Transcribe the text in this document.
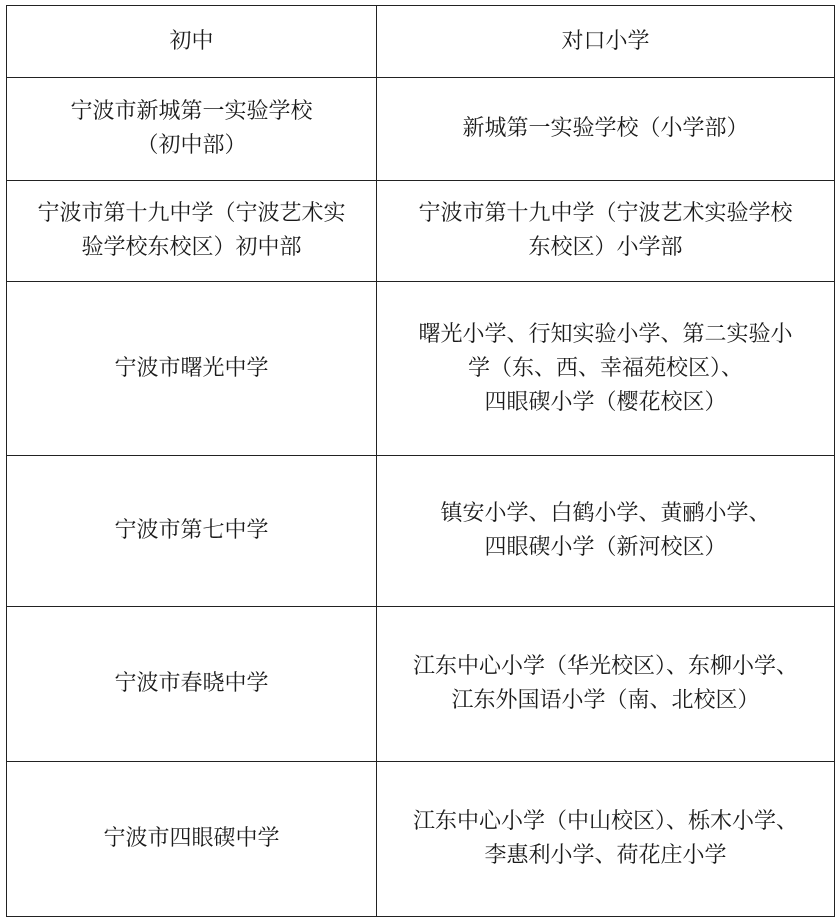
初中	对口小学

宁波市新城第一实验学校
（初中部）	新城第一实验学校（小学部）

宁波市第十九中学（宁波艺术实
验学校东校区）初中部	宁波市第十九中学（宁波艺术实验学校
东校区）小学部

宁波市曙光中学	曙光小学、行知实验小学、第二实验小
学（东、西、幸福苑校区）、
四眼碶小学（樱花校区）

宁波市第七中学	镇安小学、白鹤小学、黄鹂小学、
四眼碶小学（新河校区）

宁波市春晓中学	江东中心小学（华光校区）、东柳小学、
江东外国语小学（南、北校区）

宁波市四眼碶中学	江东中心小学（中山校区）、栎木小学、
李惠利小学、荷花庄小学
